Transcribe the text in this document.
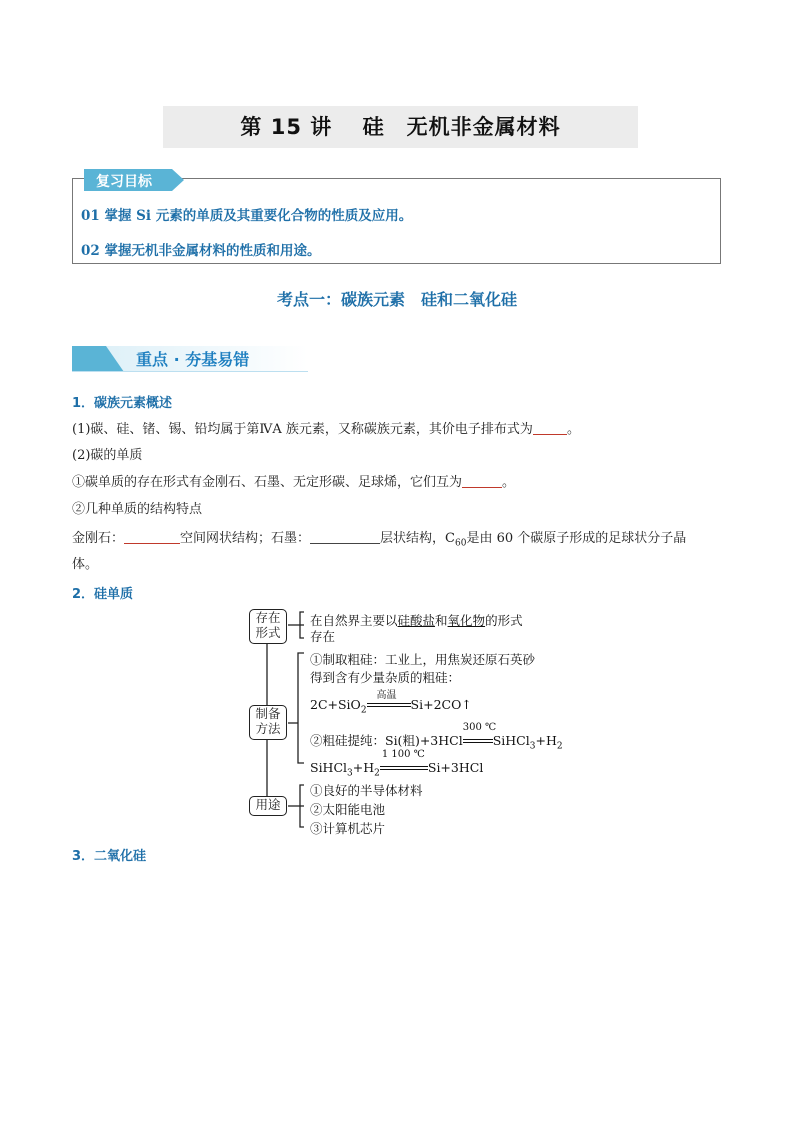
第 15 讲　 硅　无机非金属材料
复习目标
01 掌握 Si 元素的单质及其重要化合物的性质及应用。
02 掌握无机非金属材料的性质和用途。
考点一：碳族元素　硅和二氧化硅
重点 · 夯基易错
1．碳族元素概述
(1)碳、硅、锗、锡、铅均属于第ⅣA 族元素，又称碳族元素，其价电子排布式为	。
(2)碳的单质
①碳单质的存在形式有金刚石、石墨、无定形碳、足球烯，它们互为	。
②几种单质的结构特点
金刚石：	空间网状结构；石墨：	层状结构，$C_{60}$是由 60 个碳原子形成的足球状分子晶
体。
2．硅单质
存在
形式
制备
方法
用途
在自然界主要以硅酸盐和氧化物的形式
存在
①制取粗硅：工业上，用焦炭还原石英砂
得到含有少量杂质的粗硅：
2C+SiO$_2$
高温
Si+2CO↑
②粗硅提纯：Si(粗)+3HCl
300 ℃
$SiHCl_3+H_2$
$SiHCl_3+H_2$
1 100 ℃
Si+3HCl
①良好的半导体材料
②太阳能电池
③计算机芯片
3．二氧化硅
